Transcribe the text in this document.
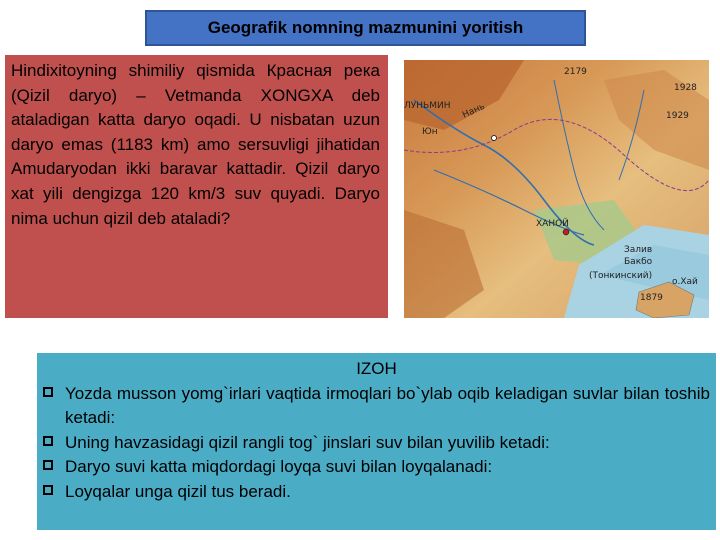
Geografik nomning mazmunini yoritish
Hindixitoyning shimiliy qismida Красная река (Qizil daryo) – Vetmanda XONGXA deb ataladigan katta daryo oqadi. U nisbatan uzun daryo emas (1183 km) amo sersuvligi jihatidan Amudaryodan ikki baravar kattadir. Qizil daryo xat yili dengizga 120 km/3 suv quyadi. Daryo nima uchun qizil deb ataladi?
2179
ЛУНЬМИН Нань
Юн
1928
1929
ХАНОЙ
Залив
Бакбо
(Тонкинский)
1879
о.Хай
IZOH
Yozda musson yomg`irlari vaqtida irmoqlari bo`ylab oqib keladigan suvlar bilan toshib ketadi:
Uning havzasidagi qizil rangli tog` jinslari suv bilan yuvilib ketadi:
Daryo suvi katta miqdordagi loyqa suvi bilan loyqalanadi:
Loyqalar unga qizil tus beradi.
